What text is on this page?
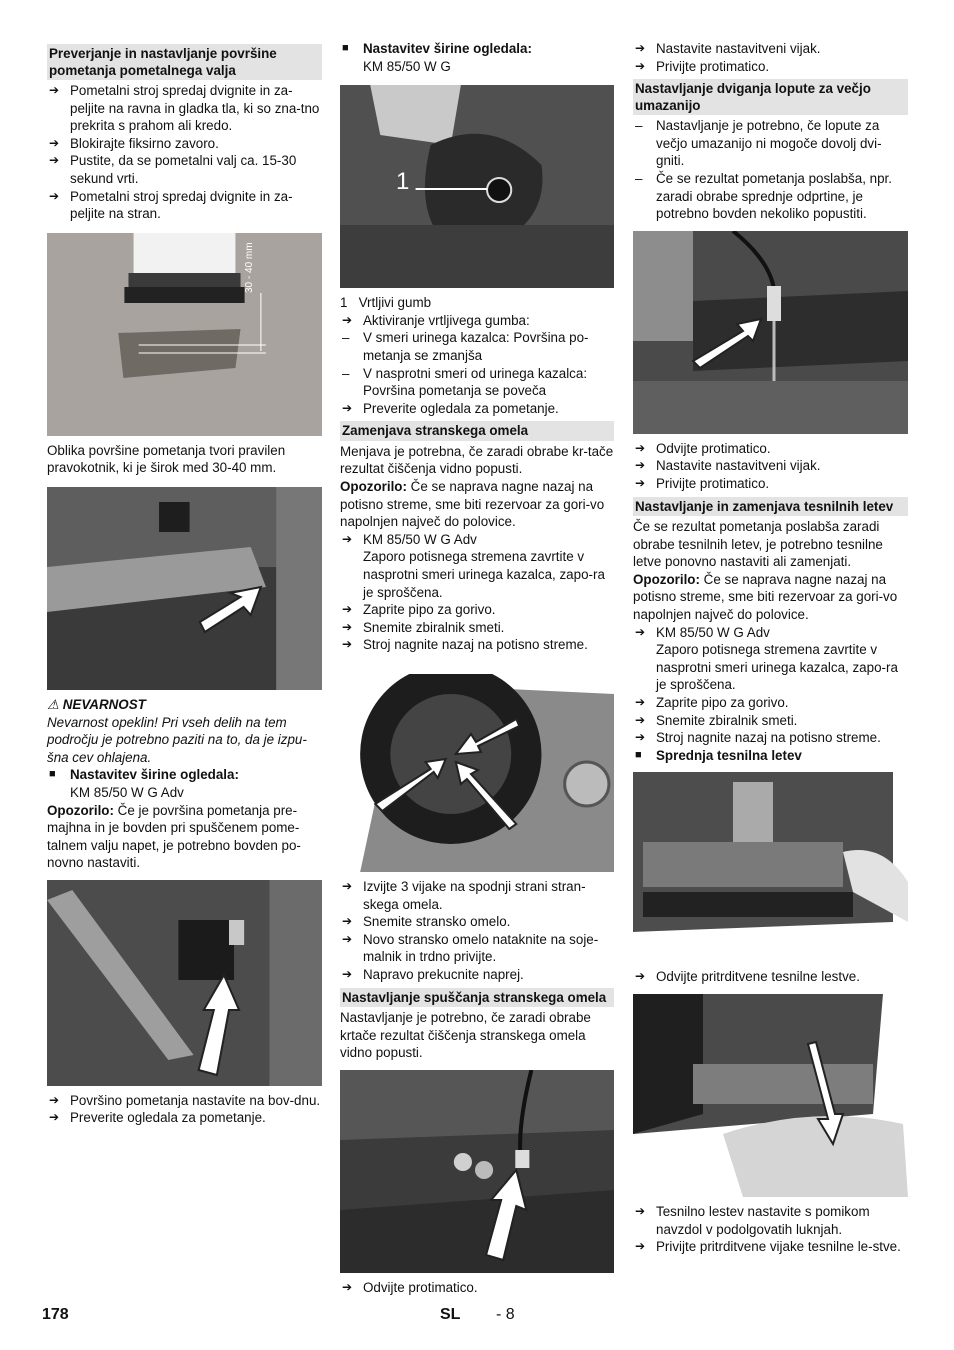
Preverjanje in nastavljanje površine pometanja pometalnega valja
➔ Pometalni stroj spredaj dvignite in za-peljite na ravna in gladka tla, ki so zna-tno prekrita s prahom ali kredo.
➔ Blokirajte fiksirno zavoro.
➔ Pustite, da se pometalni valj ca. 15-30 sekund vrti.
➔ Pometalni stroj spredaj dvignite in za-peljite na stran.
Oblika površine pometanja tvori pravilen pravokotnik, ki je širok med 30-40 mm.
⚠ NEVARNOST
Nevarnost opeklin! Pri vseh delih na tem področju je potrebno paziti na to, da je izpu-šna cev ohlajena.
■	Nastavitev širine ogledala:
KM 85/50 W G Adv
Opozorilo: Če je površina pometanja pre-majhna in je bovden pri spuščenem pome-talnem valju napet, je potrebno bovden po-novno nastaviti.
➔ Površino pometanja nastavite na bov-dnu.
➔ Preverite ogledala za pometanje.
■	Nastavitev širine ogledala:
KM 85/50 W G
1
1 Vrtljivi gumb
➔ Aktiviranje vrtljivega gumba:
–	V smeri urinega kazalca: Površina po-metanja se zmanjša
–	V nasprotni smeri od urinega kazalca: Površina pometanja se poveča
➔ Preverite ogledala za pometanje.
Zamenjava stranskega omela
Menjava je potrebna, če zaradi obrabe kr-tače rezultat čiščenja vidno popusti.
Opozorilo: Če se naprava nagne nazaj na potisno streme, sme biti rezervoar za gori-vo napolnjen največ do polovice.
➔ KM 85/50 W G Adv
Zaporo potisnega stremena zavrtite v nasprotni smeri urinega kazalca, zapo-ra je sproščena.
➔ Zaprite pipo za gorivo.
➔ Snemite zbiralnik smeti.
➔ Stroj nagnite nazaj na potisno streme.
➔ Izvijte 3 vijake na spodnji strani stran-skega omela.
➔ Snemite stransko omelo.
➔ Novo stransko omelo nataknite na soje-malnik in trdno privijte.
➔ Napravo prekucnite naprej.
Nastavljanje spuščanja stranskega omela
Nastavljanje je potrebno, če zaradi obrabe krtače rezultat čiščenja stranskega omela vidno popusti.
➔ Odvijte protimatico.
➔ Nastavite nastavitveni vijak.
➔ Privijte protimatico.
Nastavljanje dviganja lopute za večjo umazanijo
–	Nastavljanje je potrebno, če lopute za večjo umazanijo ni mogoče dovolj dvi-gniti.
–	Če se rezultat pometanja poslabša, npr. zaradi obrabe sprednje odprtine, je potrebno bovden nekoliko popustiti.
➔ Odvijte protimatico.
➔ Nastavite nastavitveni vijak.
➔ Privijte protimatico.
Nastavljanje in zamenjava tesnilnih letev
Če se rezultat pometanja poslabša zaradi obrabe tesnilnih letev, je potrebno tesnilne letve ponovno nastaviti ali zamenjati.
Opozorilo: Če se naprava nagne nazaj na potisno streme, sme biti rezervoar za gori-vo napolnjen največ do polovice.
➔ KM 85/50 W G Adv
Zaporo potisnega stremena zavrtite v nasprotni smeri urinega kazalca, zapo-ra je sproščena.
➔ Zaprite pipo za gorivo.
➔ Snemite zbiralnik smeti.
➔ Stroj nagnite nazaj na potisno streme.
■	Sprednja tesnilna letev
➔ Odvijte pritrditvene tesnilne lestve.
➔ Tesnilno lestev nastavite s pomikom navzdol v podolgovatih luknjah.
➔ Privijte pritrditvene vijake tesnilne le-stve.
178	SL - 8
